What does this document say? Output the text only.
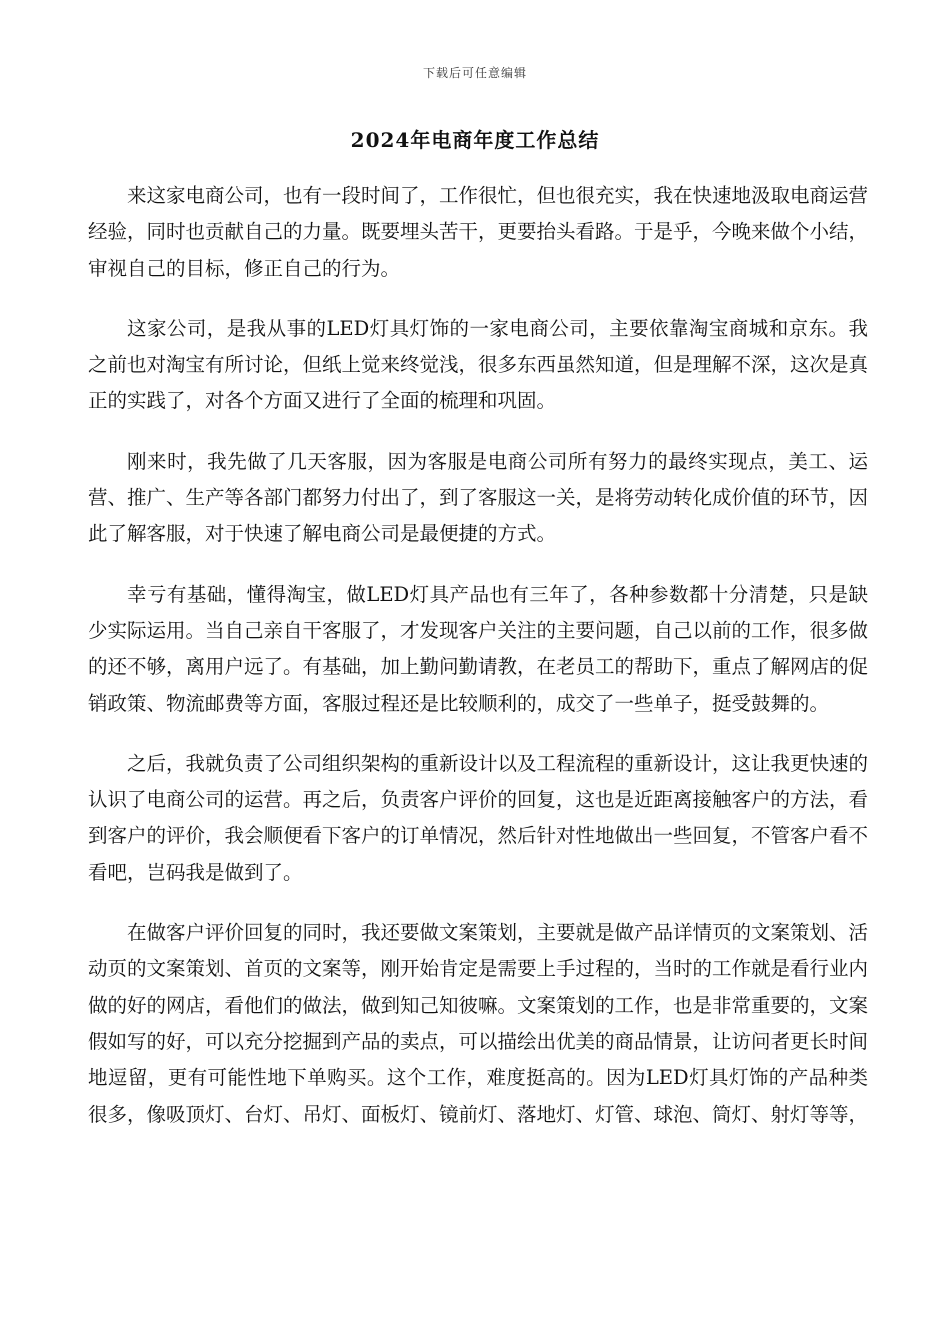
下载后可任意编辑
2024年电商年度工作总结

来这家电商公司，也有一段时间了，工作很忙，但也很充实，我在快速地汲取电商运营经验，同时也贡献自己的力量。既要埋头苦干，更要抬头看路。于是乎，今晚来做个小结，审视自己的目标，修正自己的行为。

这家公司，是我从事的LED灯具灯饰的一家电商公司，主要依靠淘宝商城和京东。我之前也对淘宝有所讨论，但纸上觉来终觉浅，很多东西虽然知道，但是理解不深，这次是真正的实践了，对各个方面又进行了全面的梳理和巩固。

刚来时，我先做了几天客服，因为客服是电商公司所有努力的最终实现点，美工、运营、推广、生产等各部门都努力付出了，到了客服这一关，是将劳动转化成价值的环节，因此了解客服，对于快速了解电商公司是最便捷的方式。

幸亏有基础，懂得淘宝，做LED灯具产品也有三年了，各种参数都十分清楚，只是缺少实际运用。当自己亲自干客服了，才发现客户关注的主要问题，自己以前的工作，很多做的还不够，离用户远了。有基础，加上勤问勤请教，在老员工的帮助下，重点了解网店的促销政策、物流邮费等方面，客服过程还是比较顺利的，成交了一些单子，挺受鼓舞的。

之后，我就负责了公司组织架构的重新设计以及工程流程的重新设计，这让我更快速的认识了电商公司的运营。再之后，负责客户评价的回复，这也是近距离接触客户的方法，看到客户的评价，我会顺便看下客户的订单情况，然后针对性地做出一些回复，不管客户看不看吧，岂码我是做到了。

在做客户评价回复的同时，我还要做文案策划，主要就是做产品详情页的文案策划、活动页的文案策划、首页的文案等，刚开始肯定是需要上手过程的，当时的工作就是看行业内做的好的网店，看他们的做法，做到知己知彼嘛。文案策划的工作，也是非常重要的，文案假如写的好，可以充分挖掘到产品的卖点，可以描绘出优美的商品情景，让访问者更长时间地逗留，更有可能性地下单购买。这个工作，难度挺高的。因为LED灯具灯饰的产品种类很多，像吸顶灯、台灯、吊灯、面板灯、镜前灯、落地灯、灯管、球泡、筒灯、射灯等等，
